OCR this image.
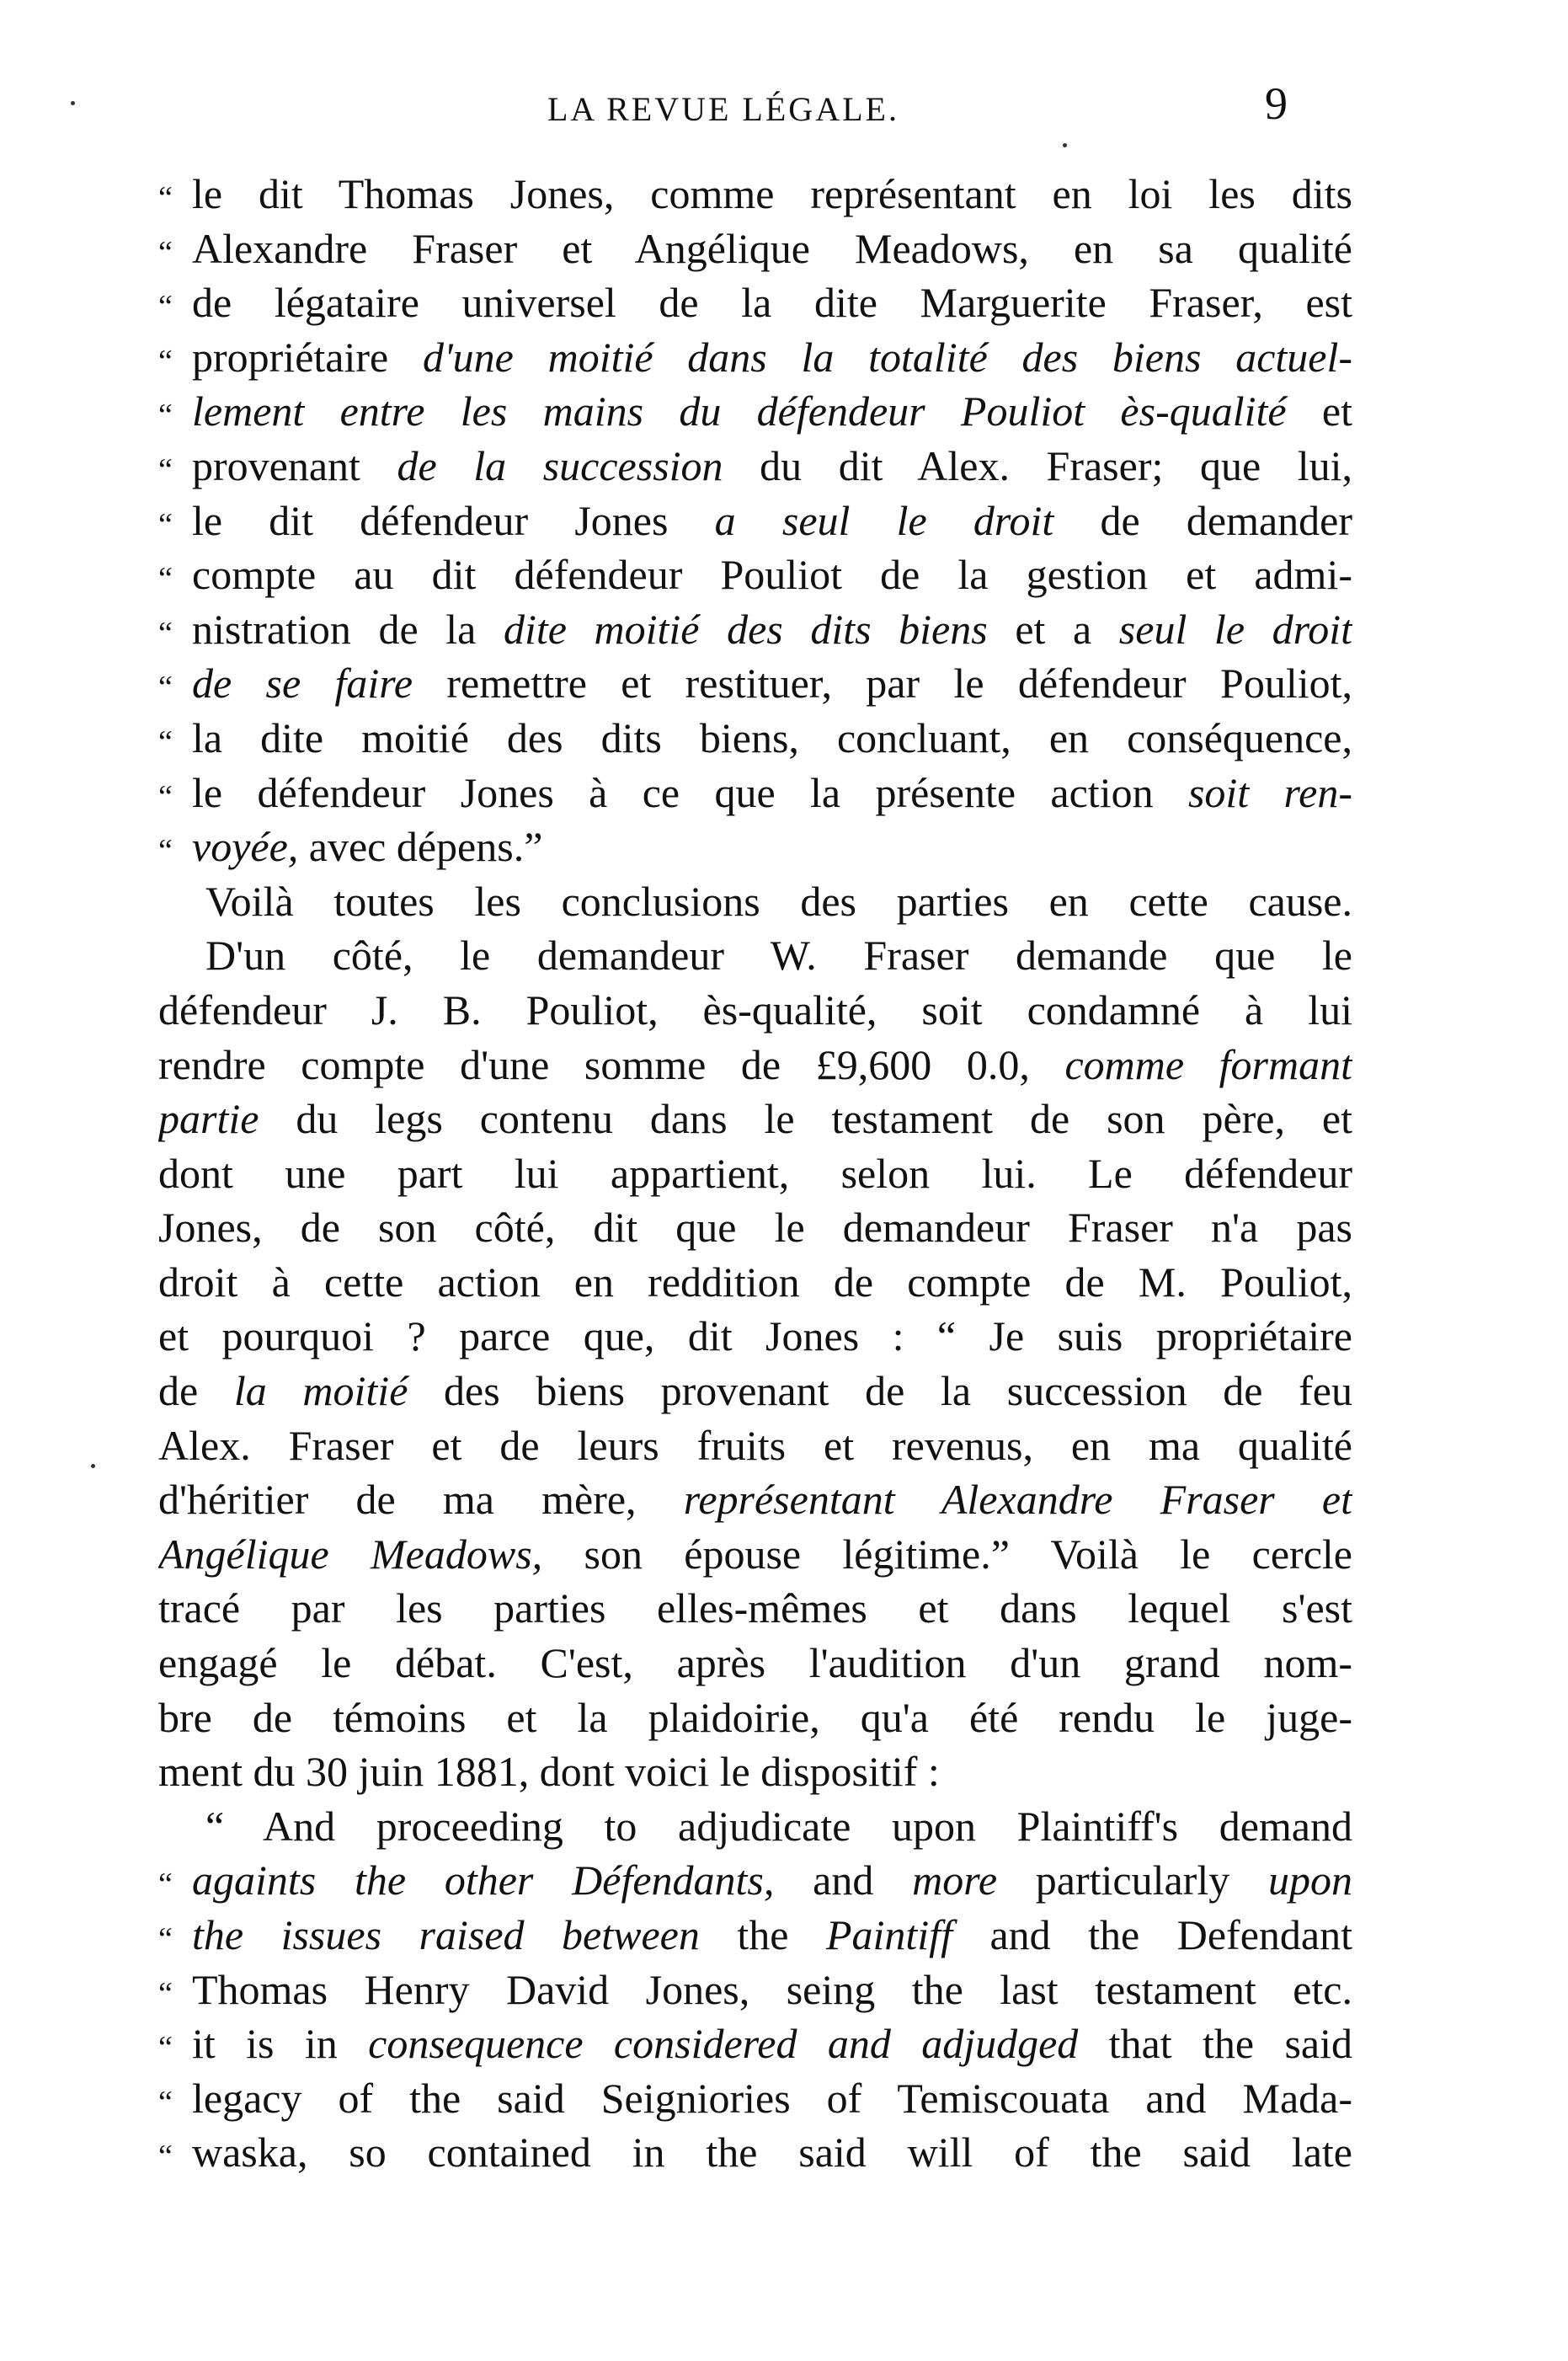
LA REVUE LÉGALE.	9
“ le dit Thomas Jones, comme représentant en loi les dits
“ Alexandre Fraser et Angélique Meadows, en sa qualité
“ de légataire universel de la dite Marguerite Fraser, est
“ propriétaire d'une moitié dans la totalité des biens actuel-
“ lement entre les mains du défendeur Pouliot ès-qualité et
“ provenant de la succession du dit Alex. Fraser; que lui,
“ le dit défendeur Jones a seul le droit de demander
“ compte au dit défendeur Pouliot de la gestion et admi-
“ nistration de la dite moitié des dits biens et a seul le droit
“ de se faire remettre et restituer, par le défendeur Pouliot,
“ la dite moitié des dits biens, concluant, en conséquence,
“ le défendeur Jones à ce que la présente action soit ren-
“ voyée, avec dépens.”
Voilà toutes les conclusions des parties en cette cause.
D'un côté, le demandeur W. Fraser demande que le
défendeur J. B. Pouliot, ès-qualité, soit condamné à lui
rendre compte d'une somme de £9,600 0.0, comme formant
partie du legs contenu dans le testament de son père, et
dont une part lui appartient, selon lui. Le défendeur
Jones, de son côté, dit que le demandeur Fraser n'a pas
droit à cette action en reddition de compte de M. Pouliot,
et pourquoi ? parce que, dit Jones : “ Je suis propriétaire
de la moitié des biens provenant de la succession de feu
Alex. Fraser et de leurs fruits et revenus, en ma qualité
d'héritier de ma mère, représentant Alexandre Fraser et
Angélique Meadows, son épouse légitime.” Voilà le cercle
tracé par les parties elles-mêmes et dans lequel s'est
engagé le débat. C'est, après l'audition d'un grand nom-
bre de témoins et la plaidoirie, qu'a été rendu le juge-
ment du 30 juin 1881, dont voici le dispositif :
“ And proceeding to adjudicate upon Plaintiff's demand
“ againts the other Défendants, and more particularly upon
“ the issues raised between the Paintiff and the Defendant
“ Thomas Henry David Jones, seing the last testament etc.
“ it is in consequence considered and adjudged that the said
“ legacy of the said Seigniories of Temiscouata and Mada-
“ waska, so contained in the said will of the said late
